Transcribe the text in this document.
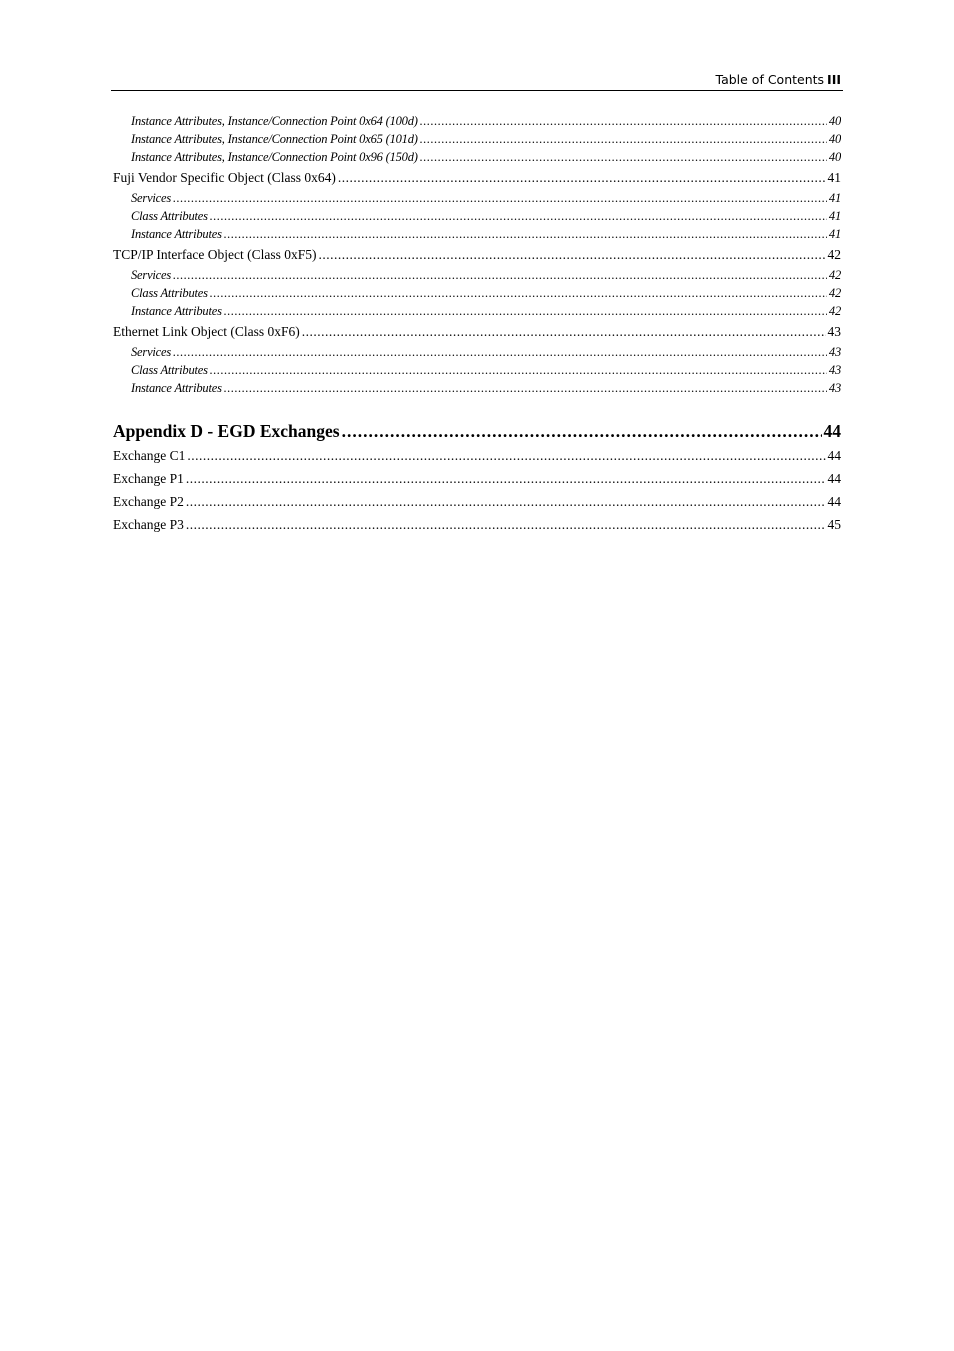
Table of Contents III
Instance Attributes, Instance/Connection Point 0x64 (100d) .....	40
Instance Attributes, Instance/Connection Point 0x65 (101d) .....	40
Instance Attributes, Instance/Connection Point 0x96 (150d) .....	40
Fuji Vendor Specific Object (Class 0x64) .....	41
Services .....	41
Class Attributes .....	41
Instance Attributes .....	41
TCP/IP Interface Object (Class 0xF5) .....	42
Services .....	42
Class Attributes .....	42
Instance Attributes .....	42
Ethernet Link Object (Class 0xF6) .....	43
Services .....	43
Class Attributes .....	43
Instance Attributes .....	43
Appendix D - EGD Exchanges .....	44
Exchange C1 .....	44
Exchange P1 .....	44
Exchange P2 .....	44
Exchange P3 .....	45
